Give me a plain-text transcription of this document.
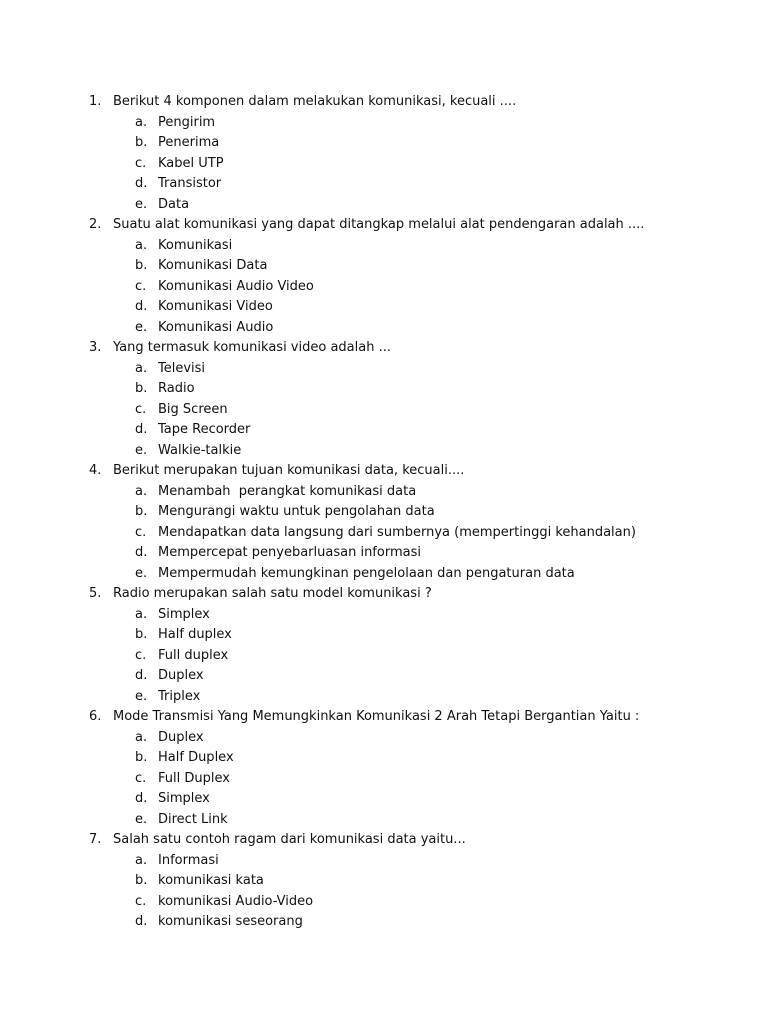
1. Berikut 4 komponen dalam melakukan komunikasi, kecuali ....
a. Pengirim
b. Penerima
c. Kabel UTP
d. Transistor
e. Data
2. Suatu alat komunikasi yang dapat ditangkap melalui alat pendengaran adalah ....
a. Komunikasi
b. Komunikasi Data
c. Komunikasi Audio Video
d. Komunikasi Video
e. Komunikasi Audio
3. Yang termasuk komunikasi video adalah ...
a. Televisi
b. Radio
c. Big Screen
d. Tape Recorder
e. Walkie-talkie
4. Berikut merupakan tujuan komunikasi data, kecuali....
a. Menambah  perangkat komunikasi data
b. Mengurangi waktu untuk pengolahan data
c. Mendapatkan data langsung dari sumbernya (mempertinggi kehandalan)
d. Mempercepat penyebarluasan informasi
e. Mempermudah kemungkinan pengelolaan dan pengaturan data
5. Radio merupakan salah satu model komunikasi ?
a. Simplex
b. Half duplex
c. Full duplex
d. Duplex
e. Triplex
6. Mode Transmisi Yang Memungkinkan Komunikasi 2 Arah Tetapi Bergantian Yaitu :
a. Duplex
b. Half Duplex
c. Full Duplex
d. Simplex
e. Direct Link
7. Salah satu contoh ragam dari komunikasi data yaitu...
a. Informasi
b. komunikasi kata
c. komunikasi Audio-Video
d. komunikasi seseorang
